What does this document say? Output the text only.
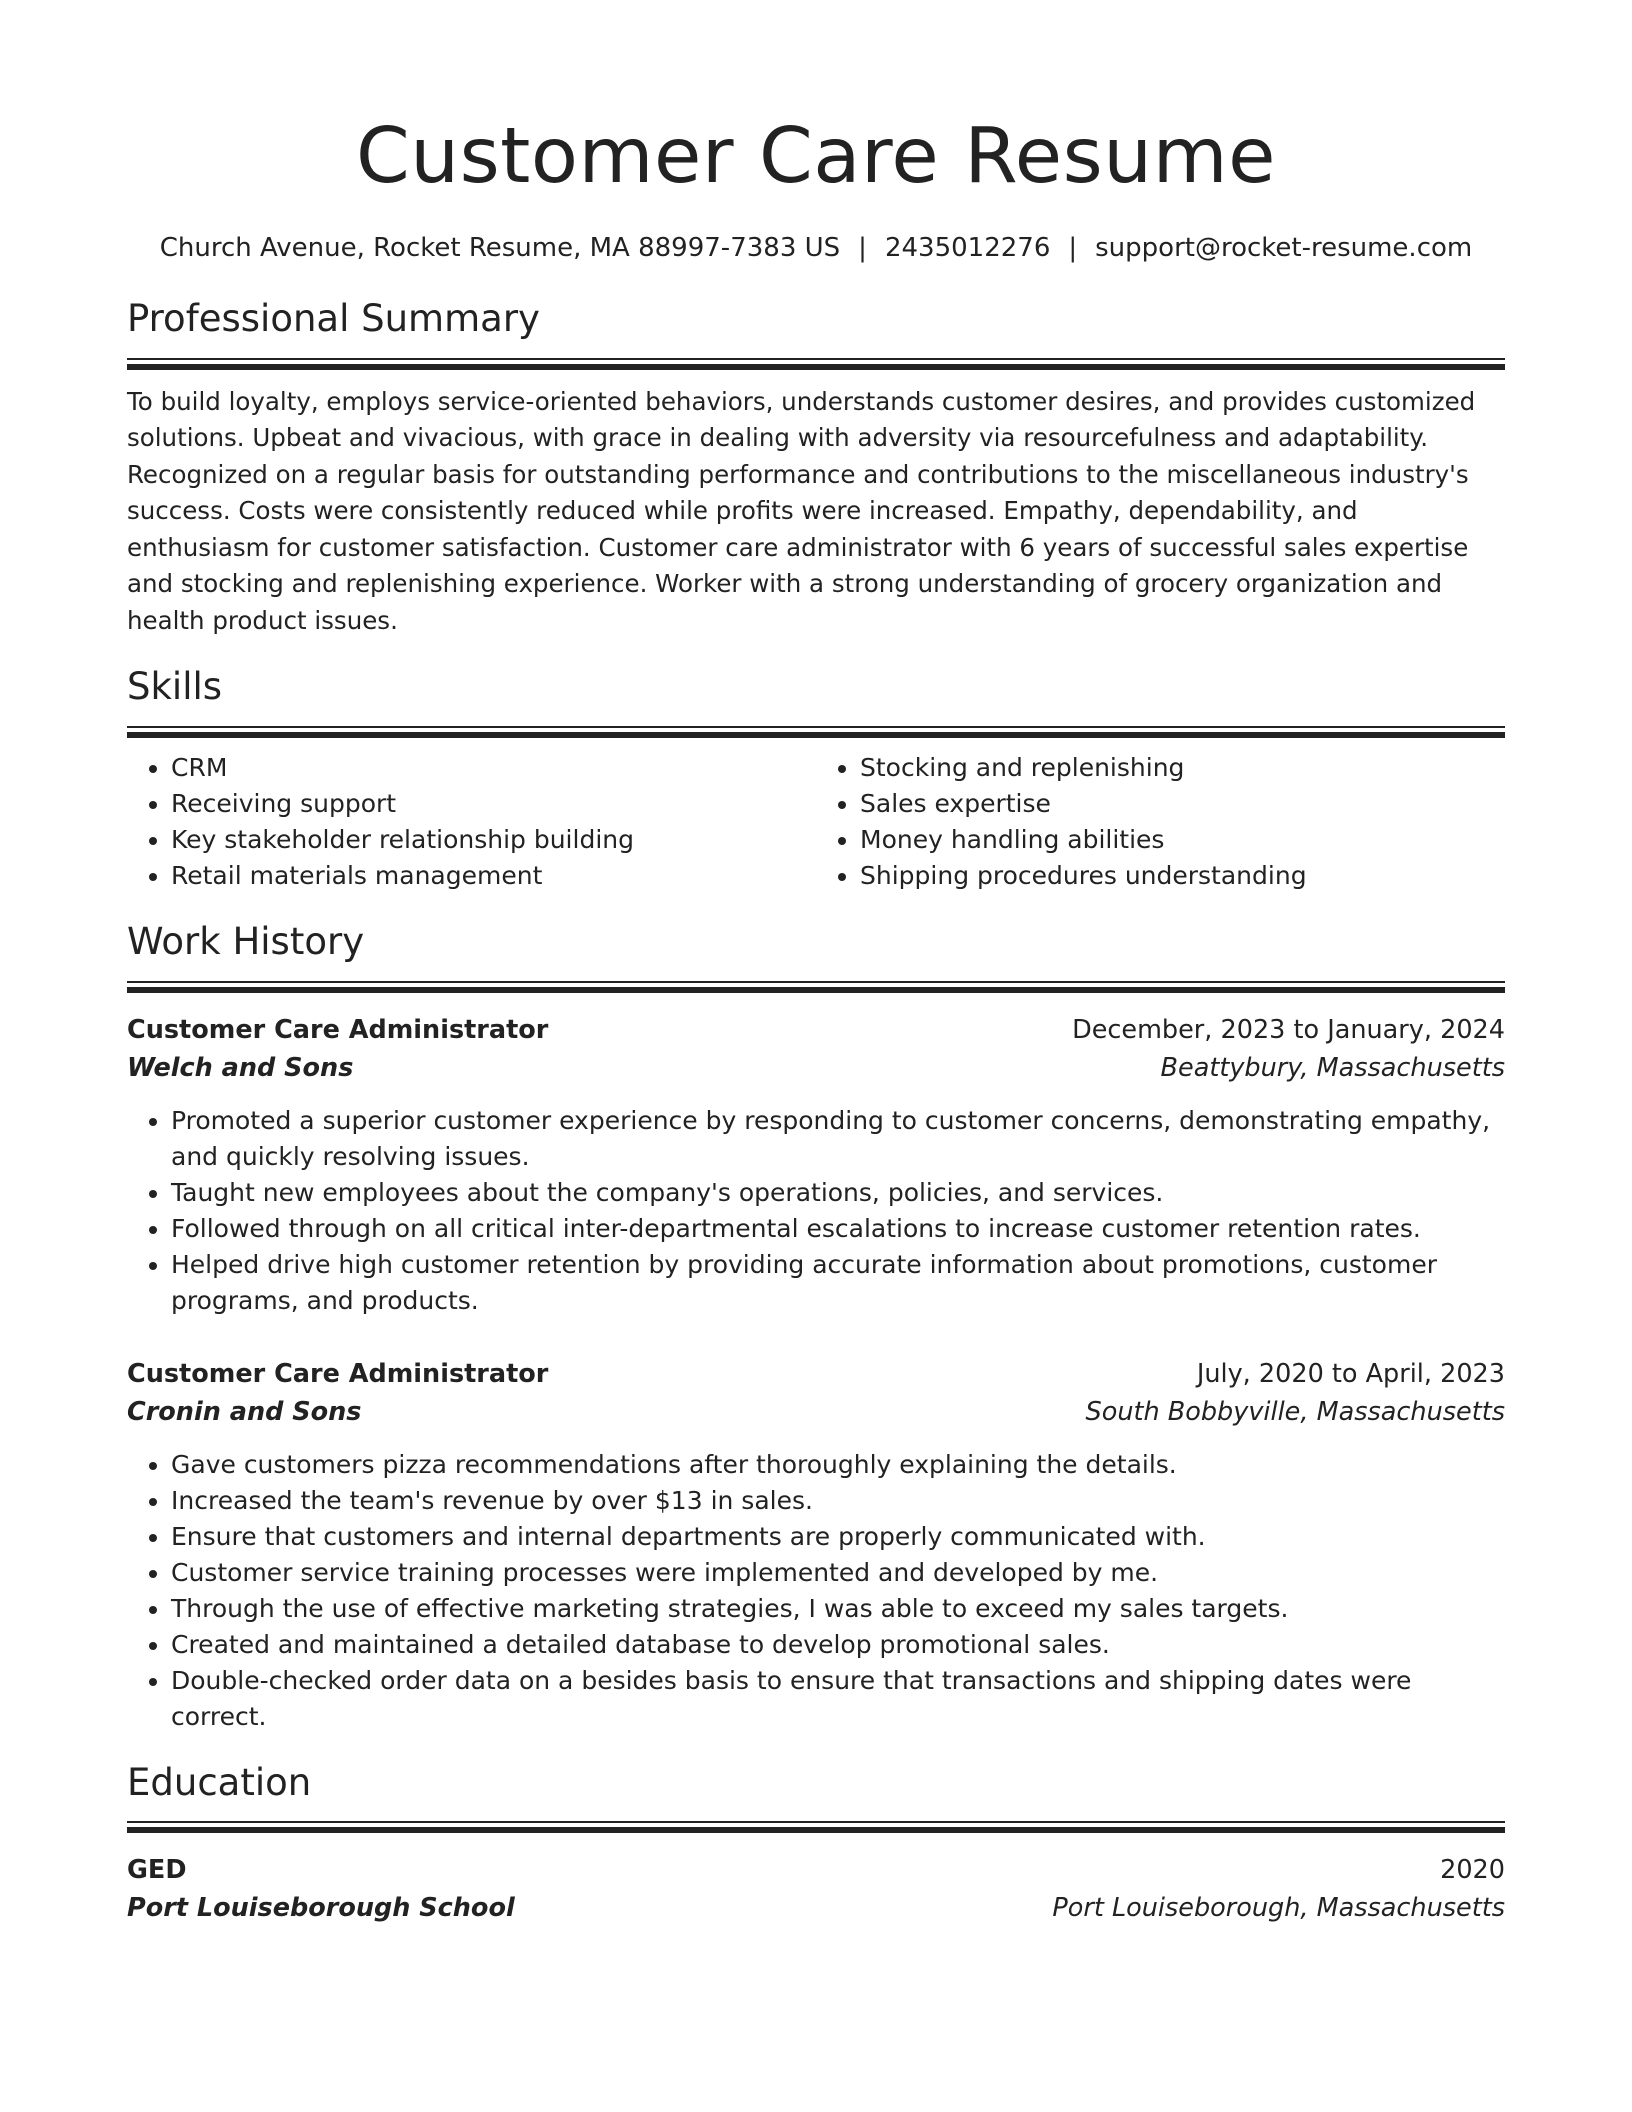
Customer Care Resume
Church Avenue, Rocket Resume, MA 88997-7383 US | 2435012276 | support@rocket-resume.com
Professional Summary
To build loyalty, employs service-oriented behaviors, understands customer desires, and provides customized solutions. Upbeat and vivacious, with grace in dealing with adversity via resourcefulness and adaptability. Recognized on a regular basis for outstanding performance and contributions to the miscellaneous industry's success. Costs were consistently reduced while profits were increased. Empathy, dependability, and enthusiasm for customer satisfaction. Customer care administrator with 6 years of successful sales expertise and stocking and replenishing experience. Worker with a strong understanding of grocery organization and health product issues.
Skills
• CRM
• Receiving support
• Key stakeholder relationship building
• Retail materials management
• Stocking and replenishing
• Sales expertise
• Money handling abilities
• Shipping procedures understanding
Work History
Customer Care Administrator	December, 2023 to January, 2024
Welch and Sons	Beattybury, Massachusetts
• Promoted a superior customer experience by responding to customer concerns, demonstrating empathy, and quickly resolving issues.
• Taught new employees about the company's operations, policies, and services.
• Followed through on all critical inter-departmental escalations to increase customer retention rates.
• Helped drive high customer retention by providing accurate information about promotions, customer programs, and products.
Customer Care Administrator	July, 2020 to April, 2023
Cronin and Sons	South Bobbyville, Massachusetts
• Gave customers pizza recommendations after thoroughly explaining the details.
• Increased the team's revenue by over $13 in sales.
• Ensure that customers and internal departments are properly communicated with.
• Customer service training processes were implemented and developed by me.
• Through the use of effective marketing strategies, I was able to exceed my sales targets.
• Created and maintained a detailed database to develop promotional sales.
• Double-checked order data on a besides basis to ensure that transactions and shipping dates were correct.
Education
GED	2020
Port Louiseborough School	Port Louiseborough, Massachusetts
